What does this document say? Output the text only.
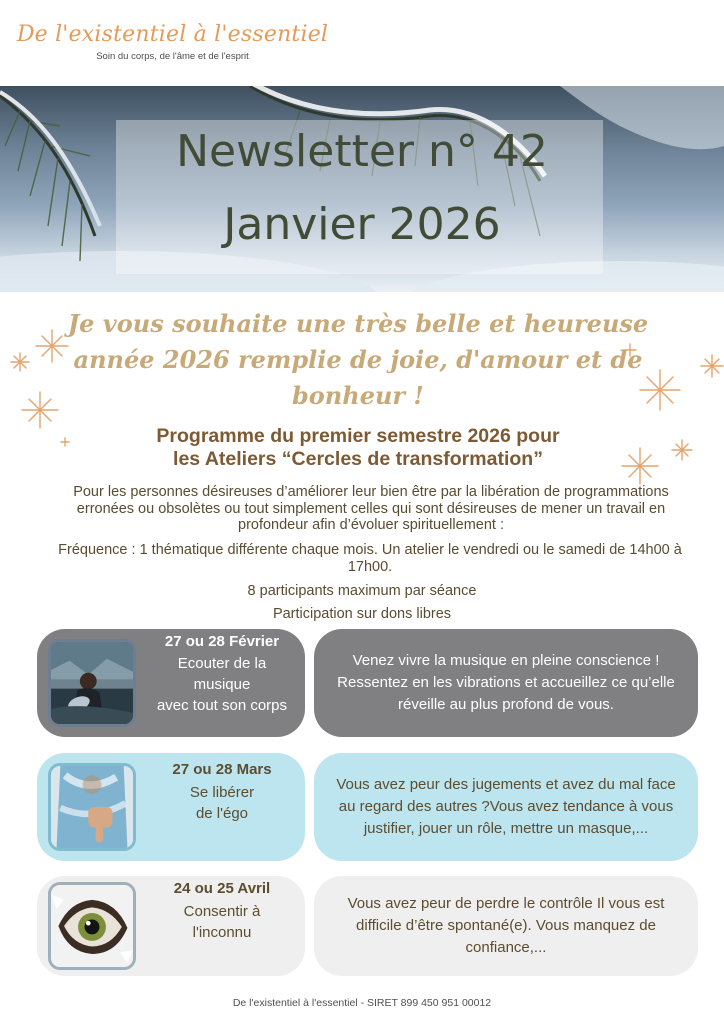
De l'existentiel à l'essentiel
Soin du corps, de l'âme et de l'esprit
Newsletter n° 42
Janvier 2026
Je vous souhaite une très belle et heureuse
année 2026 remplie de joie, d'amour et de
bonheur !
Programme du premier semestre 2026 pour
les Ateliers “Cercles de transformation”
Pour les personnes désireuses d’améliorer leur bien être par la libération de programmations erronées ou obsolètes ou tout simplement celles qui sont désireuses de mener un travail en profondeur afin d’évoluer spirituellement :
Fréquence : 1 thématique différente chaque mois. Un atelier le vendredi ou le samedi de 14h00 à 17h00.
8 participants maximum par séance
Participation sur dons libres
27 ou 28 Février
Ecouter de la
musique
avec tout son corps
Venez vivre la musique en pleine conscience ! Ressentez en les vibrations et accueillez ce qu’elle réveille au plus profond de vous.
27 ou 28 Mars
Se libérer
de l'égo
Vous avez peur des jugements et avez du mal face au regard des autres ?Vous avez tendance à vous justifier, jouer un rôle, mettre un masque,...
24 ou 25 Avril
Consentir à
l'inconnu
Vous avez peur de perdre le contrôle Il vous est difficile d’être spontané(e). Vous manquez de confiance,...
De l'existentiel à l'essentiel - SIRET 899 450 951 00012
